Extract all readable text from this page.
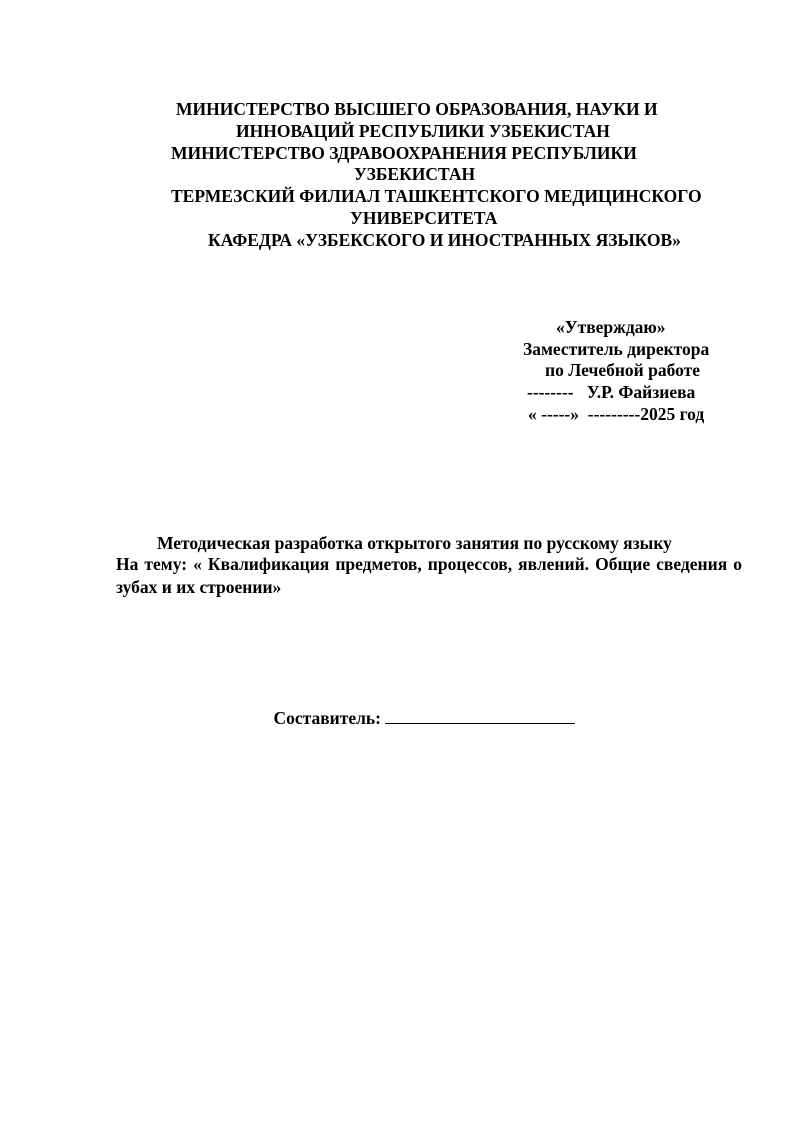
МИНИСТЕРСТВО ВЫСШЕГО ОБРАЗОВАНИЯ, НАУКИ И
ИННОВАЦИЙ РЕСПУБЛИКИ УЗБЕКИСТАН
МИНИСТЕРСТВО ЗДРАВООХРАНЕНИЯ РЕСПУБЛИКИ
УЗБЕКИСТАН
ТЕРМЕЗСКИЙ ФИЛИАЛ ТАШКЕНТСКОГО МЕДИЦИНСКОГО
УНИВЕРСИТЕТА
КАФЕДРА «УЗБЕКСКОГО И ИНОСТРАННЫХ ЯЗЫКОВ»
«Утверждаю»
Заместитель директора
по Лечебной работе
--------   У.Р. Файзиева
« -----»  ---------2025 год
Методическая разработка открытого занятия по русскому языку
На тему: « Квалификация предметов, процессов, явлений. Общие сведения о зубах и их строении»

Составитель:
